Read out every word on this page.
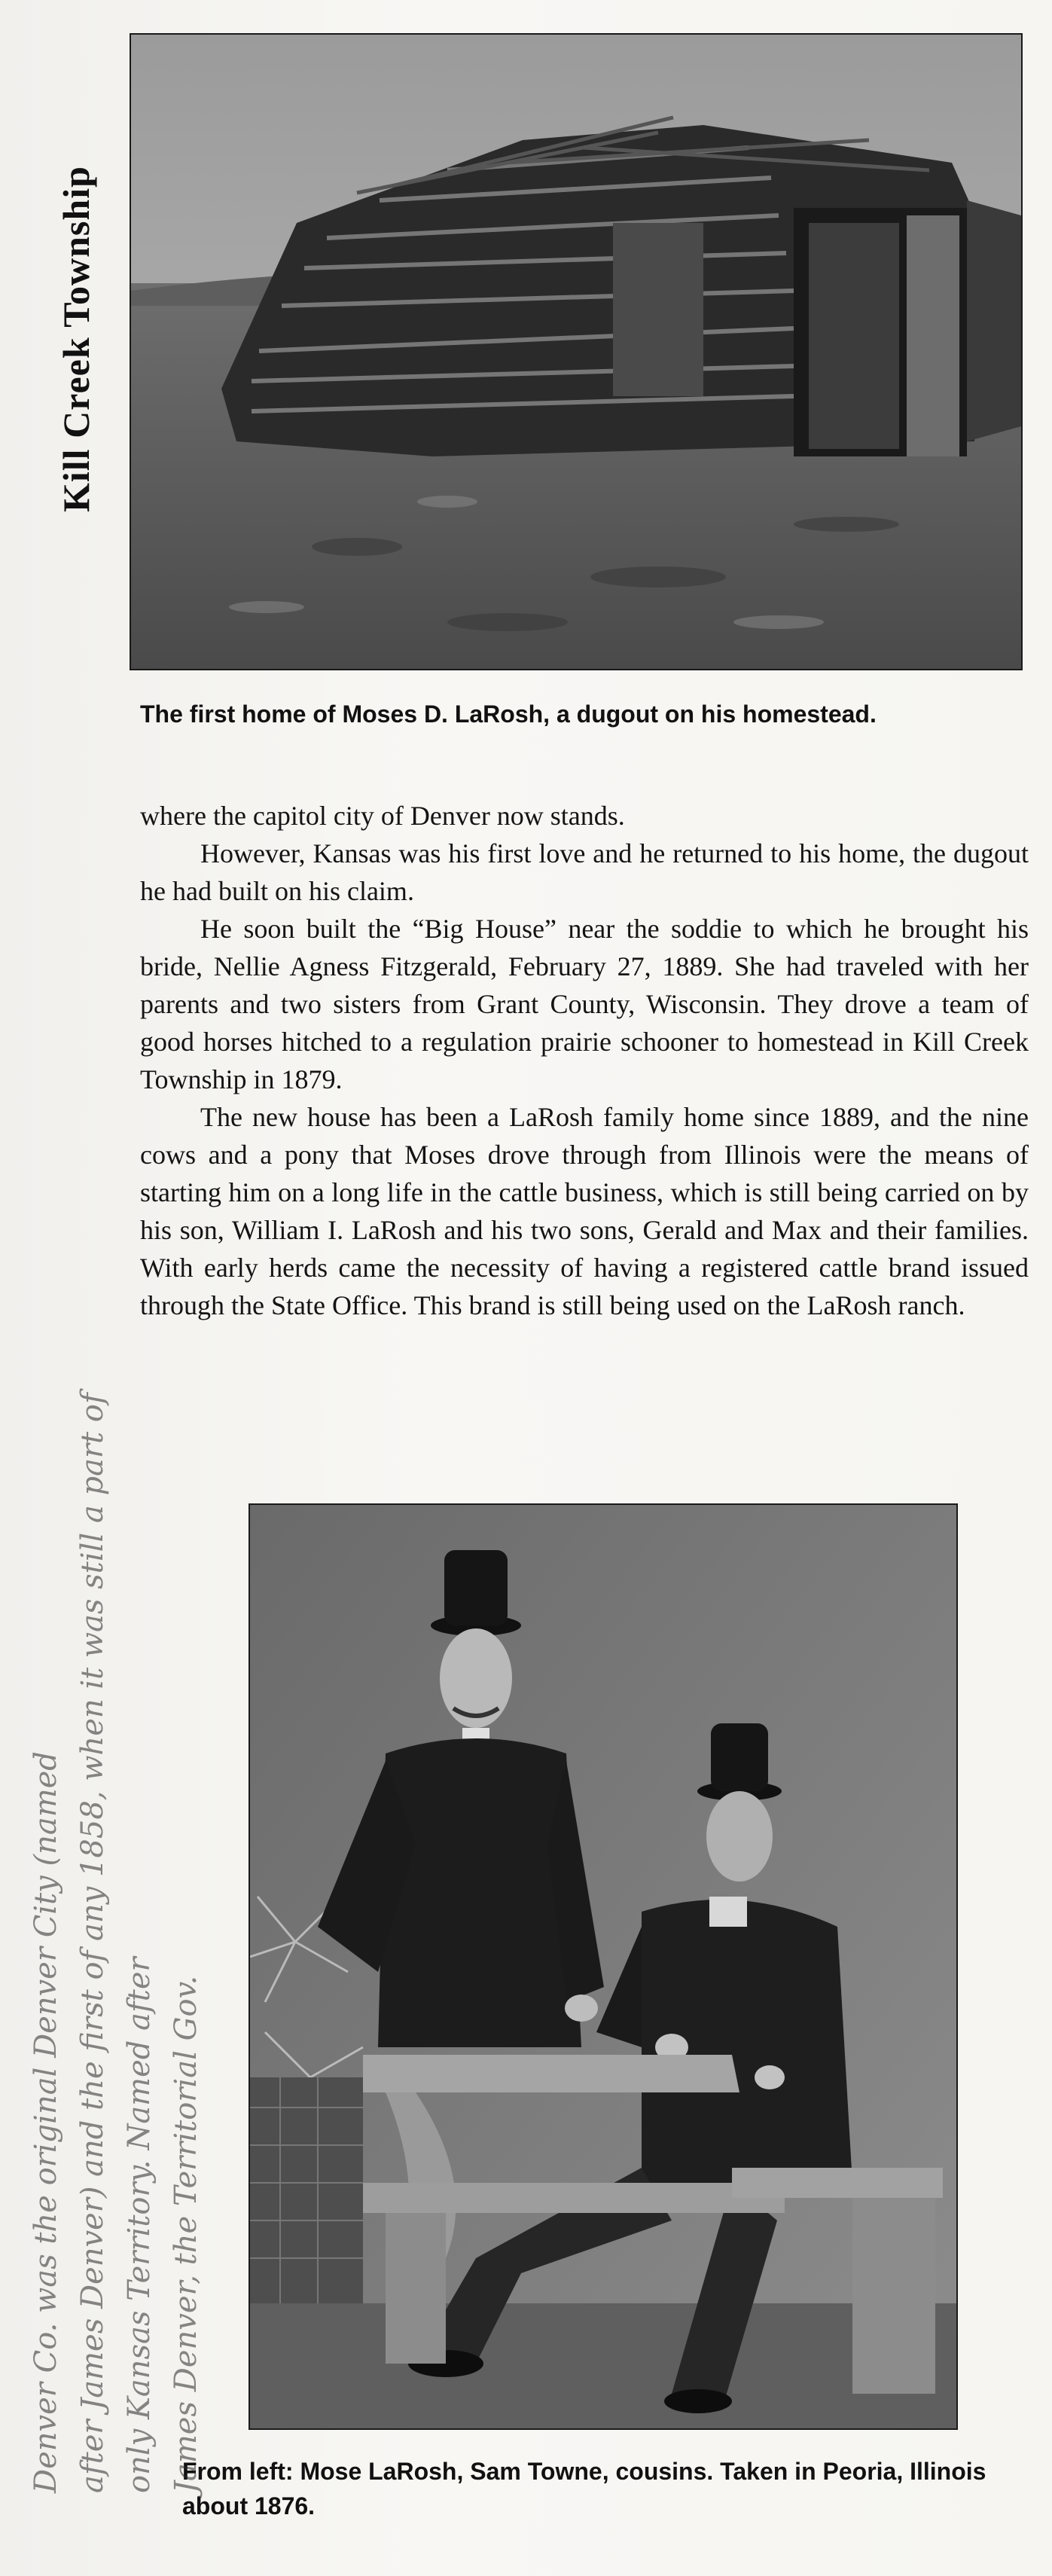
Kill Creek Township
The first home of Moses D. LaRosh, a dugout on his homestead.

where the capitol city of Denver now stands.

However, Kansas was his first love and he returned to his home, the dugout he had built on his claim.

He soon built the “Big House” near the soddie to which he brought his bride, Nellie Agness Fitzgerald, February 27, 1889. She had traveled with her parents and two sisters from Grant County, Wisconsin. They drove a team of good horses hitched to a regulation prairie schooner to homestead in Kill Creek Township in 1879.

The new house has been a LaRosh family home since 1889, and the nine cows and a pony that Moses drove through from Illinois were the means of starting him on a long life in the cattle business, which is still being carried on by his son, William I. LaRosh and his two sons, Gerald and Max and their families. With early herds came the necessity of having a registered cattle brand issued through the State Office. This brand is still being used on the LaRosh ranch.

From left: Mose LaRosh, Sam Towne, cousins. Taken in Peoria, Illinois about 1876.
Denver Co. was the original Denver City (named after James Denver) and the first of any 1858, when it was still a part of only Kansas Territory. Named after James Denver, the Territorial Gov.
